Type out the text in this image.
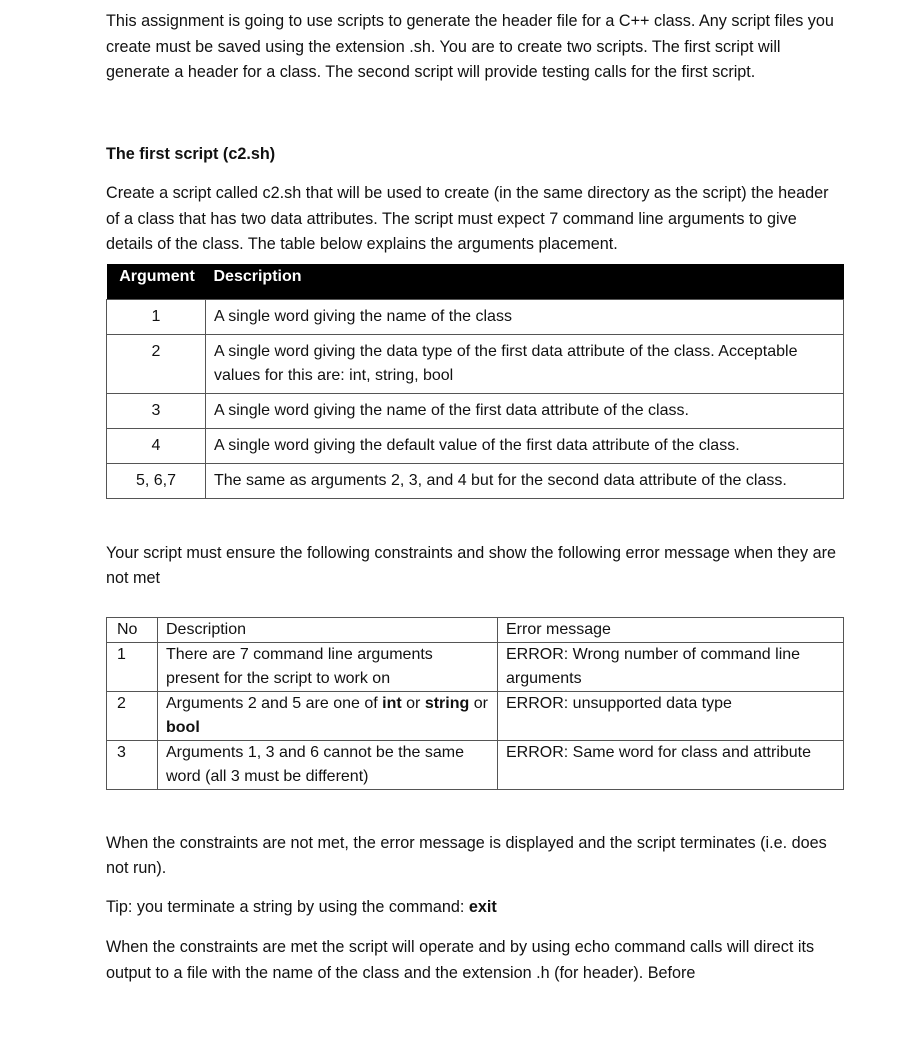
This assignment is going to use scripts to generate the header file for a C++ class. Any script files you create must be saved using the extension .sh. You are to create two scripts. The first script will generate a header for a class. The second script will provide testing calls for the first script.

The first script (c2.sh)

Create a script called c2.sh that will be used to create (in the same directory as the script) the header of a class that has two data attributes. The script must expect 7 command line arguments to give details of the class. The table below explains the arguments placement.

Argument	Description
1	A single word giving the name of the class
2	A single word giving the data type of the first data attribute of the class. Acceptable values for this are: int, string, bool
3	A single word giving the name of the first data attribute of the class.
4	A single word giving the default value of the first data attribute of the class.
5, 6,7	The same as arguments 2, 3, and 4 but for the second data attribute of the class.

Your script must ensure the following constraints and show the following error message when they are not met

No	Description	Error message
1	There are 7 command line arguments present for the script to work on	ERROR: Wrong number of command line arguments
2	Arguments 2 and 5 are one of int or string or bool	ERROR: unsupported data type
3	Arguments 1, 3 and 6 cannot be the same word (all 3 must be different)	ERROR: Same word for class and attribute

When the constraints are not met, the error message is displayed and the script terminates (i.e. does not run).

Tip: you terminate a string by using the command: exit

When the constraints are met the script will operate and by using echo command calls will direct its output to a file with the name of the class and the extension .h (for header). Before
